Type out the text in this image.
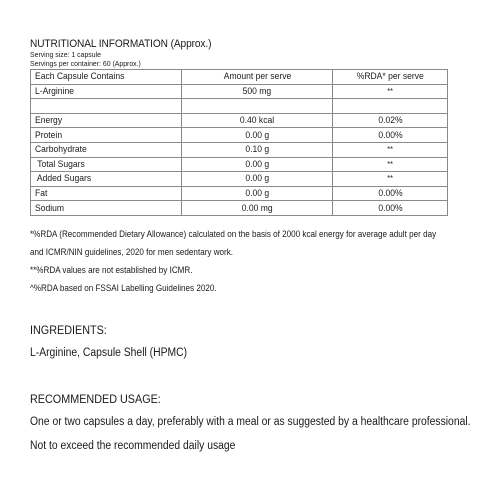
NUTRITIONAL INFORMATION (Approx.)
Serving size: 1 capsule
Servings per container: 60 (Approx.)
Each Capsule Contains	Amount per serve	%RDA* per serve
L-Arginine	500 mg	**

Energy	0.40 kcal	0.02%
Protein	0.00 g	0.00%
Carbohydrate	0.10 g	**
Total Sugars	0.00 g	**
Added Sugars	0.00 g	**
Fat	0.00 g	0.00%
Sodium	0.00 mg	0.00%
*%RDA (Recommended Dietary Allowance) calculated on the basis of 2000 kcal energy for average adult per day
and ICMR/NIN guidelines, 2020 for men sedentary work.
**%RDA values are not established by ICMR.
^%RDA based on FSSAI Labelling Guidelines 2020.
INGREDIENTS:
L-Arginine, Capsule Shell (HPMC)
RECOMMENDED USAGE:
One or two capsules a day, preferably with a meal or as suggested by a healthcare professional.
Not to exceed the recommended daily usage
